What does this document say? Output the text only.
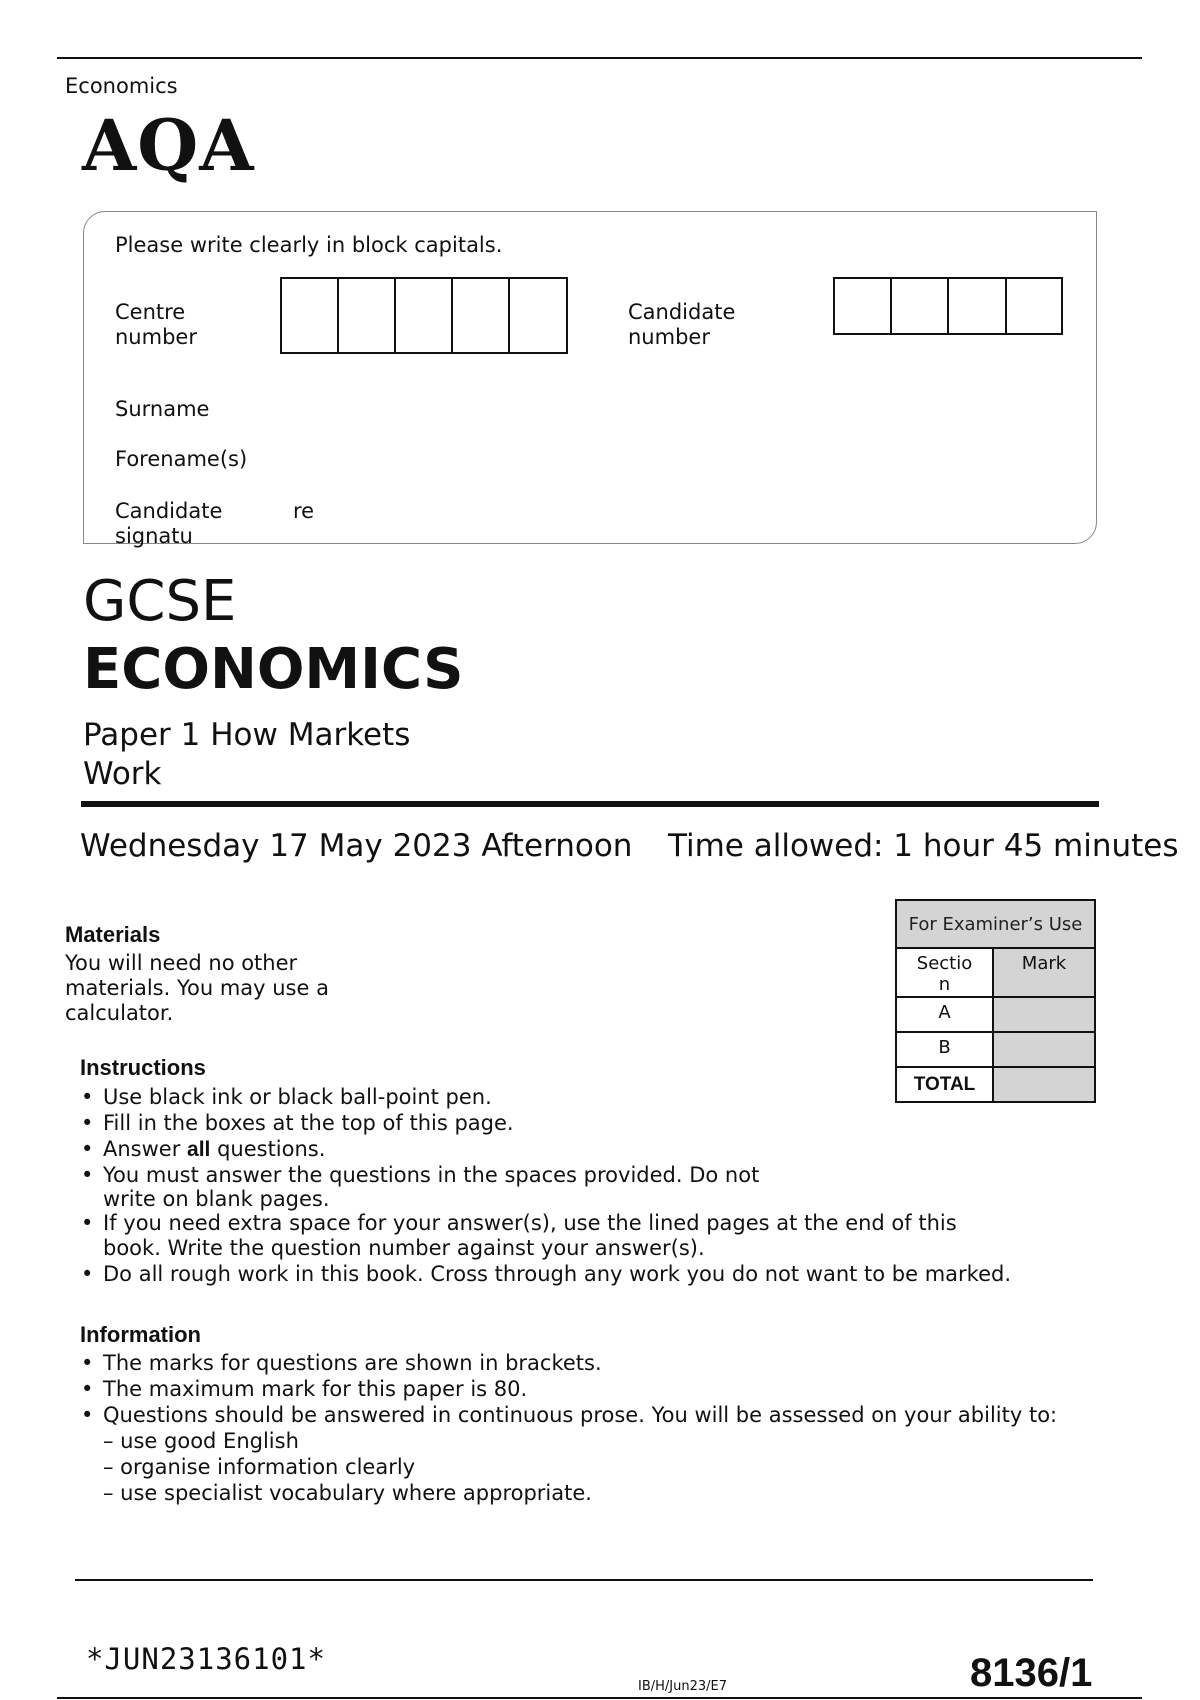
Economics
AQA
Please write clearly in block capitals.
Centre
number
Candidate
number
Surname
Forename(s)
Candidate
signatu
re
GCSE
ECONOMICS
Paper 1 How Markets
Work
Wednesday 17 May 2023 Afternoon Time allowed: 1 hour 45 minutes
Materials
You will need no other materials. You may use a calculator.
For Examiner’s Use
Sectio
n
Mark
A
B
TOTAL
Instructions
• Use black ink or black ball-point pen.
• Fill in the boxes at the top of this page.
• Answer all questions.
• You must answer the questions in the spaces provided. Do not
write on blank pages.
• If you need extra space for your answer(s), use the lined pages at the end of this
book. Write the question number against your answer(s).
• Do all rough work in this book. Cross through any work you do not want to be marked.
Information
• The marks for questions are shown in brackets.
• The maximum mark for this paper is 80.
• Questions should be answered in continuous prose. You will be assessed on your ability to:
– use good English
– organise information clearly
– use specialist vocabulary where appropriate.
*JUN23136101*
IB/H/Jun23/E7	8136/1
